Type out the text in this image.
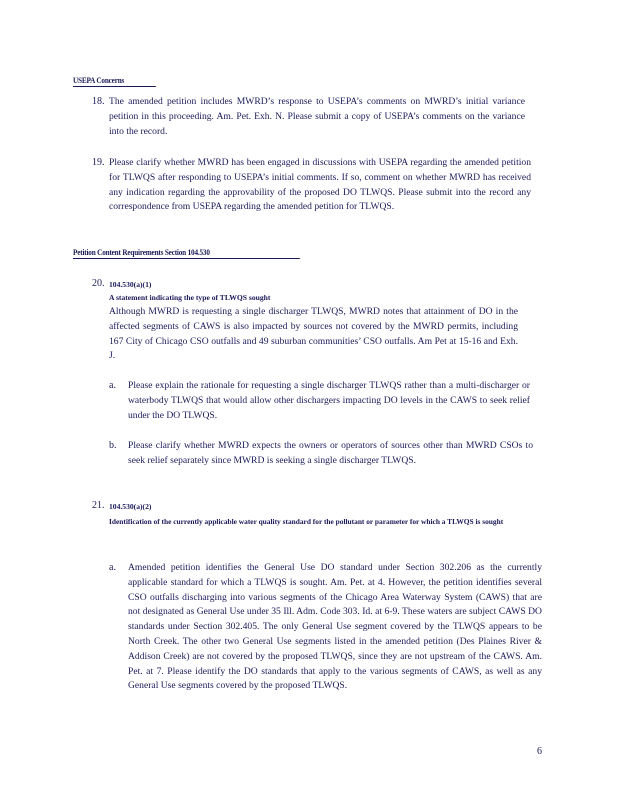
USEPA Concerns
18. The amended petition includes MWRD’s response to USEPA’s comments on MWRD’s initial variance petition in this proceeding. Am. Pet. Exh. N. Please submit a copy of USEPA’s comments on the variance into the record.

19. Please clarify whether MWRD has been engaged in discussions with USEPA regarding the amended petition for TLWQS after responding to USEPA’s initial comments. If so, comment on whether MWRD has received any indication regarding the approvability of the proposed DO TLWQS. Please submit into the record any correspondence from USEPA regarding the amended petition for TLWQS.

Petition Content Requirements Section 104.530
20. 104.530(a)(1)
A statement indicating the type of TLWQS sought

Although MWRD is requesting a single discharger TLWQS, MWRD notes that attainment of DO in the affected segments of CAWS is also impacted by sources not covered by the MWRD permits, including 167 City of Chicago CSO outfalls and 49 suburban communities’ CSO outfalls. Am Pet at 15-16 and Exh. J.

a. Please explain the rationale for requesting a single discharger TLWQS rather than a multi-discharger or waterbody TLWQS that would allow other dischargers impacting DO levels in the CAWS to seek relief under the DO TLWQS.

b. Please clarify whether MWRD expects the owners or operators of sources other than MWRD CSOs to seek relief separately since MWRD is seeking a single discharger TLWQS.

21. 104.530(a)(2)

Identification of the currently applicable water quality standard for the pollutant or parameter for which a TLWQS is sought

a. Amended petition identifies the General Use DO standard under Section 302.206 as the currently applicable standard for which a TLWQS is sought. Am. Pet. at 4. However, the petition identifies several CSO outfalls discharging into various segments of the Chicago Area Waterway System (CAWS) that are not designated as General Use under 35 Ill. Adm. Code 303. Id. at 6-9. These waters are subject CAWS DO standards under Section 302.405. The only General Use segment covered by the TLWQS appears to be North Creek. The other two General Use segments listed in the amended petition (Des Plaines River & Addison Creek) are not covered by the proposed TLWQS, since they are not upstream of the CAWS. Am. Pet. at 7. Please identify the DO standards that apply to the various segments of CAWS, as well as any General Use segments covered by the proposed TLWQS.

6
